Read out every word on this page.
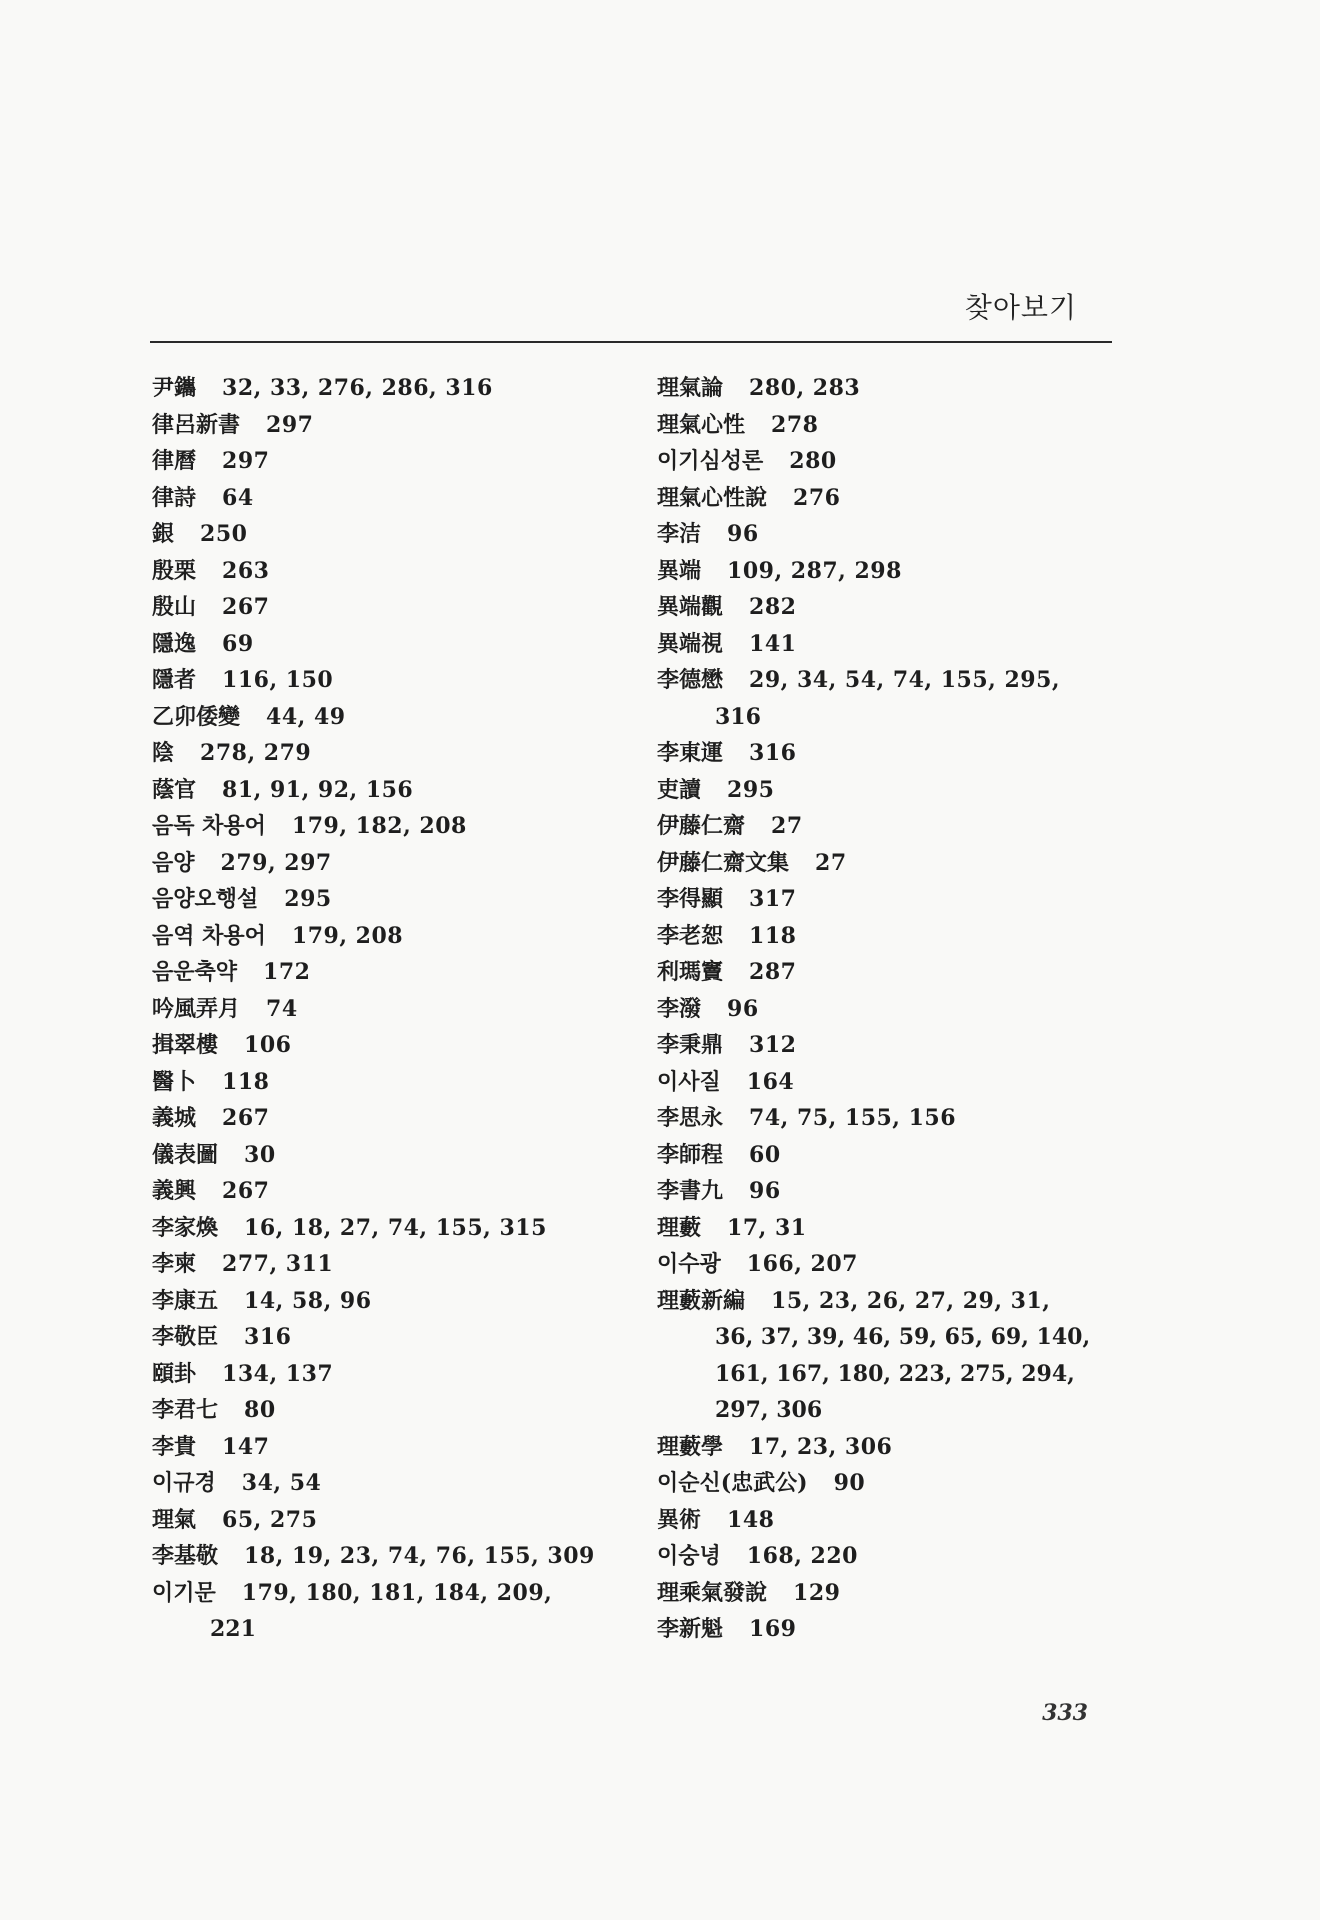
찾아보기
尹鑴 32, 33, 276, 286, 316
律呂新書 297
律曆 297
律詩 64
銀 250
殷栗 263
殷山 267
隱逸 69
隱者 116, 150
乙卯倭變 44, 49
陰 278, 279
蔭官 81, 91, 92, 156
음독 차용어 179, 182, 208
음양 279, 297
음양오행설 295
음역 차용어 179, 208
음운축약 172
吟風弄月 74
揖翠樓 106
醫卜 118
義城 267
儀表圖 30
義興 267
李家煥 16, 18, 27, 74, 155, 315
李柬 277, 311
李康五 14, 58, 96
李敬臣 316
頤卦 134, 137
李君七 80
李貴 147
이규경 34, 54
理氣 65, 275
李基敬 18, 19, 23, 74, 76, 155, 309
이기문 179, 180, 181, 184, 209,
221
理氣論 280, 283
理氣心性 278
이기심성론 280
理氣心性說 276
李洁 96
異端 109, 287, 298
異端觀 282
異端視 141
李德懋 29, 34, 54, 74, 155, 295,
316
李東運 316
吏讀 295
伊藤仁齋 27
伊藤仁齋文集 27
李得顯 317
李老恕 118
利瑪竇 287
李潑 96
李秉鼎 312
이사질 164
李思永 74, 75, 155, 156
李師程 60
李書九 96
理藪 17, 31
이수광 166, 207
理藪新編 15, 23, 26, 27, 29, 31,
36, 37, 39, 46, 59, 65, 69, 140,
161, 167, 180, 223, 275, 294,
297, 306
理藪學 17, 23, 306
이순신(忠武公) 90
異術 148
이숭녕 168, 220
理乘氣發說 129
李新魁 169
333
